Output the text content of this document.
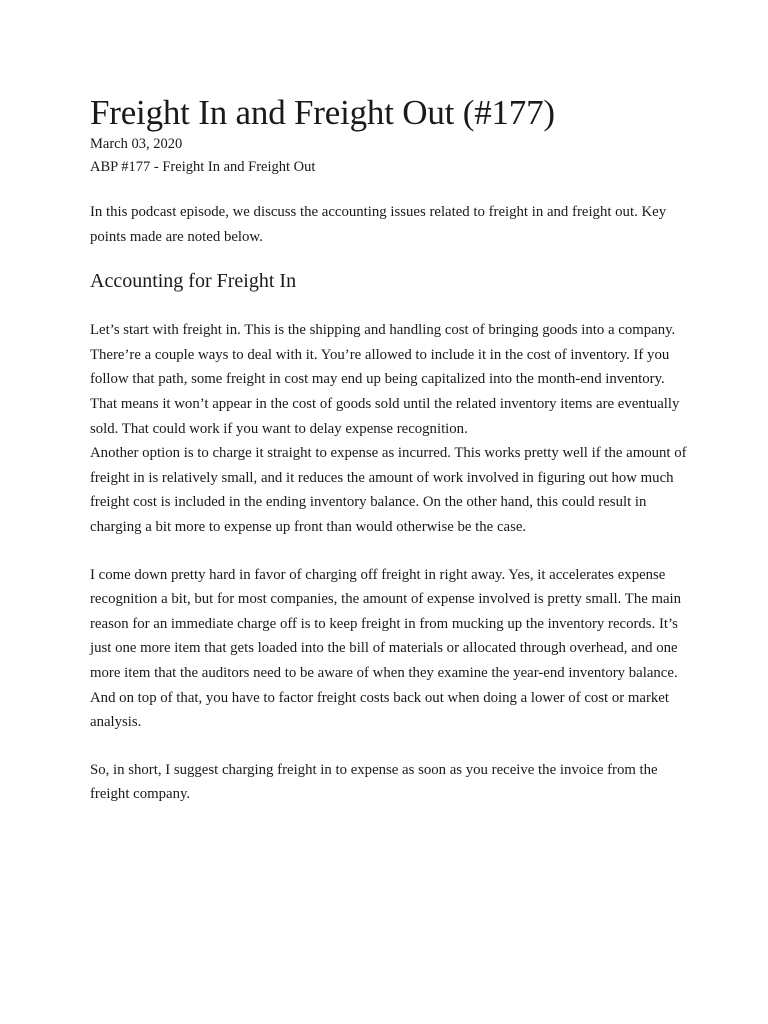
Freight In and Freight Out (#177)

March 03, 2020

ABP #177 - Freight In and Freight Out

In this podcast episode, we discuss the accounting issues related to freight in and freight out. Key points made are noted below.

Accounting for Freight In

Let’s start with freight in. This is the shipping and handling cost of bringing goods into a company. There’re a couple ways to deal with it. You’re allowed to include it in the cost of inventory. If you follow that path, some freight in cost may end up being capitalized into the month-end inventory. That means it won’t appear in the cost of goods sold until the related inventory items are eventually sold. That could work if you want to delay expense recognition.

Another option is to charge it straight to expense as incurred. This works pretty well if the amount of freight in is relatively small, and it reduces the amount of work involved in figuring out how much freight cost is included in the ending inventory balance. On the other hand, this could result in charging a bit more to expense up front than would otherwise be the case.

I come down pretty hard in favor of charging off freight in right away. Yes, it accelerates expense recognition a bit, but for most companies, the amount of expense involved is pretty small. The main reason for an immediate charge off is to keep freight in from mucking up the inventory records. It’s just one more item that gets loaded into the bill of materials or allocated through overhead, and one more item that the auditors need to be aware of when they examine the year-end inventory balance. And on top of that, you have to factor freight costs back out when doing a lower of cost or market analysis.

So, in short, I suggest charging freight in to expense as soon as you receive the invoice from the freight company.
